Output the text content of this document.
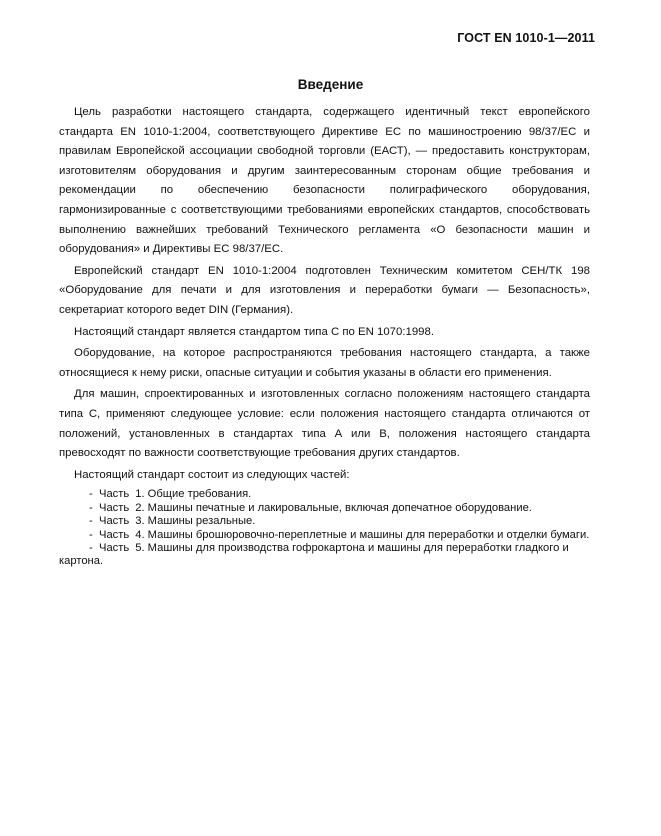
ГОСТ EN 1010-1—2011
Введение

Цель разработки настоящего стандарта, содержащего идентичный текст европейского стандарта EN 1010-1:2004, соответствующего Директиве ЕС по машиностроению 98/37/ЕС и правилам Европейской ассоциации свободной торговли (ЕАСТ), — предоставить конструкторам, изготовителям оборудования и другим заинтересованным сторонам общие требования и рекомендации по обеспечению безопасности полиграфического оборудования, гармонизированные с соответствующими требованиями европейских стандартов, способствовать выполнению важнейших требований Технического регламента «О безопасности машин и оборудования» и Директивы ЕС 98/37/ЕС.

Европейский стандарт EN 1010-1:2004 подготовлен Техническим комитетом СЕН/ТК 198 «Оборудование для печати и для изготовления и переработки бумаги — Безопасность», секретариат которого ведет DIN (Германия).

Настоящий стандарт является стандартом типа С по EN 1070:1998.

Оборудование, на которое распространяются требования настоящего стандарта, а также относящиеся к нему риски, опасные ситуации и события указаны в области его применения.

Для машин, спроектированных и изготовленных согласно положениям настоящего стандарта типа С, применяют следующее условие: если положения настоящего стандарта отличаются от положений, установленных в стандартах типа А или В, положения настоящего стандарта превосходят по важности соответствующие требования других стандартов.

Настоящий стандарт состоит из следующих частей:

- Часть 1. Общие требования.
- Часть 2. Машины печатные и лакировальные, включая допечатное оборудование.
- Часть 3. Машины резальные.
- Часть 4. Машины брошюровочно-переплетные и машины для переработки и отделки бумаги.
- Часть 5. Машины для производства гофрокартона и машины для переработки гладкого и картона.
